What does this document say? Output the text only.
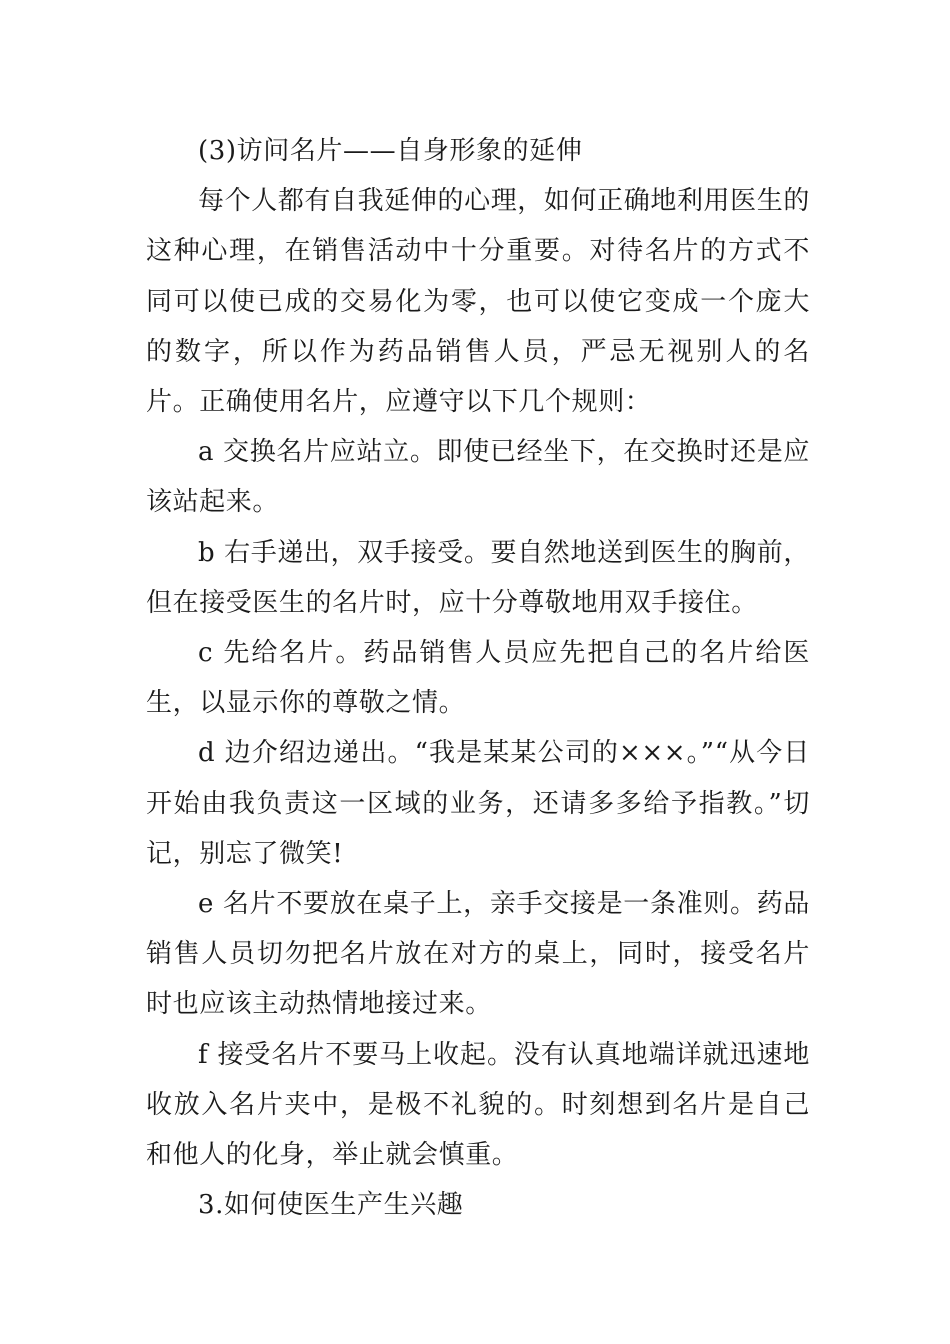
(3)访问名片——自身形象的延伸

每个人都有自我延伸的心理，如何正确地利用医生的这种心理，在销售活动中十分重要。对待名片的方式不同可以使已成的交易化为零，也可以使它变成一个庞大的数字，所以作为药品销售人员，严忌无视别人的名片。正确使用名片，应遵守以下几个规则：

a 交换名片应站立。即使已经坐下，在交换时还是应该站起来。

b 右手递出，双手接受。要自然地送到医生的胸前，但在接受医生的名片时，应十分尊敬地用双手接住。

c 先给名片。药品销售人员应先把自己的名片给医生，以显示你的尊敬之情。

d 边介绍边递出。“我是某某公司的×××。”“从今日开始由我负责这一区域的业务，还请多多给予指教。”切记，别忘了微笑!

e 名片不要放在桌子上，亲手交接是一条准则。药品销售人员切勿把名片放在对方的桌上，同时，接受名片时也应该主动热情地接过来。

f 接受名片不要马上收起。没有认真地端详就迅速地收放入名片夹中，是极不礼貌的。时刻想到名片是自己和他人的化身，举止就会慎重。

3.如何使医生产生兴趣
